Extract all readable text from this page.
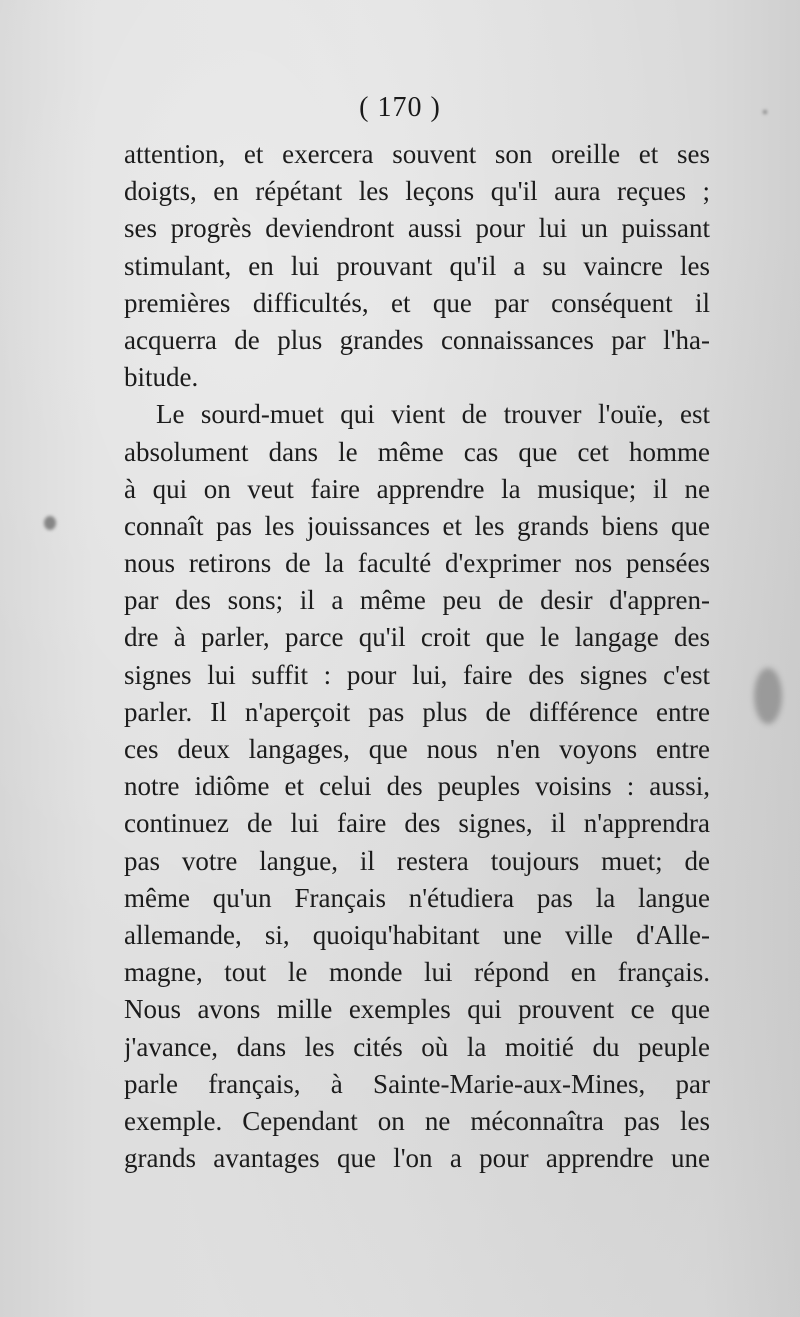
( 170 )
attention, et exercera souvent son oreille et ses
doigts, en répétant les leçons qu'il aura reçues ;
ses progrès deviendront aussi pour lui un puissant
stimulant, en lui prouvant qu'il a su vaincre les
premières difficultés, et que par conséquent il
acquerra de plus grandes connaissances par l'ha-
bitude.
Le sourd-muet qui vient de trouver l'ouïe, est
absolument dans le même cas que cet homme
à qui on veut faire apprendre la musique; il ne
connaît pas les jouissances et les grands biens que
nous retirons de la faculté d'exprimer nos pensées
par des sons; il a même peu de desir d'appren-
dre à parler, parce qu'il croit que le langage des
signes lui suffit : pour lui, faire des signes c'est
parler. Il n'aperçoit pas plus de différence entre
ces deux langages, que nous n'en voyons entre
notre idiôme et celui des peuples voisins : aussi,
continuez de lui faire des signes, il n'apprendra
pas votre langue, il restera toujours muet; de
même qu'un Français n'étudiera pas la langue
allemande, si, quoiqu'habitant une ville d'Alle-
magne, tout le monde lui répond en français.
Nous avons mille exemples qui prouvent ce que
j'avance, dans les cités où la moitié du peuple
parle français, à Sainte-Marie-aux-Mines, par
exemple. Cependant on ne méconnaîtra pas les
grands avantages que l'on a pour apprendre une
